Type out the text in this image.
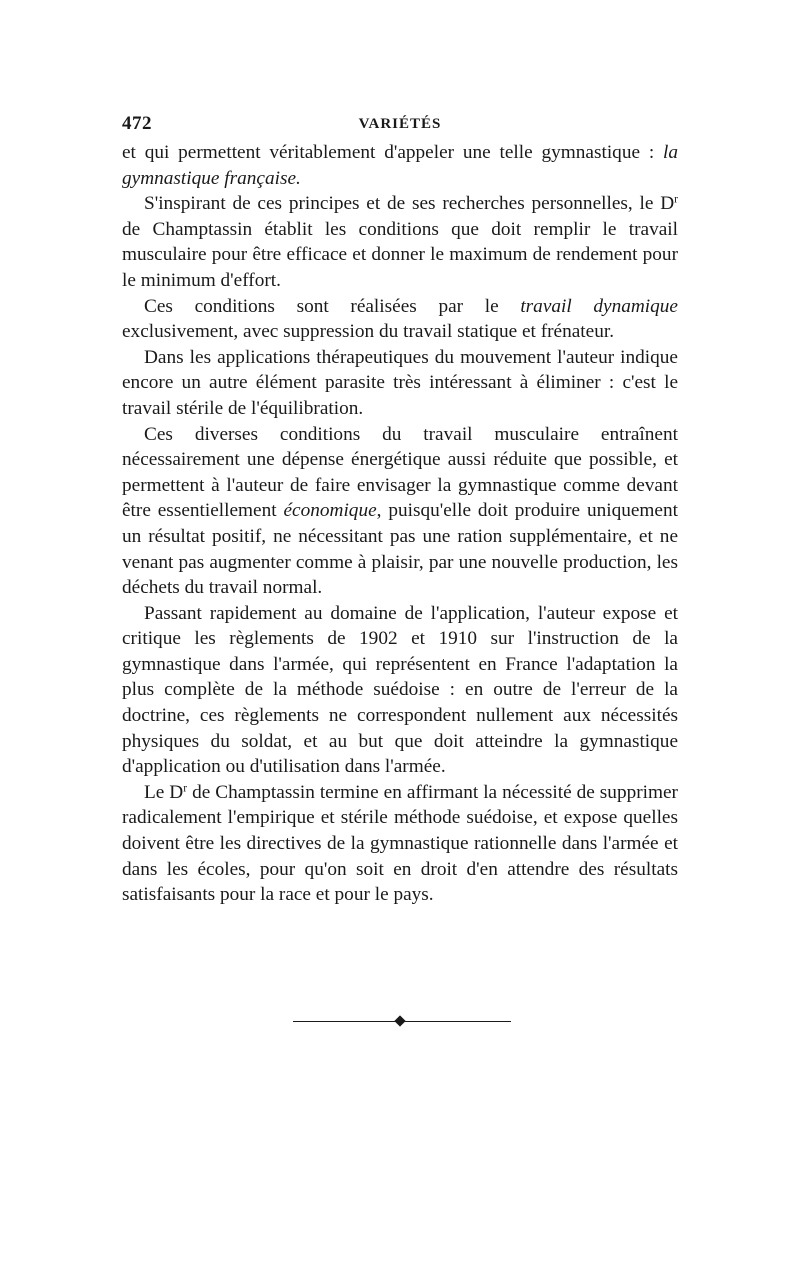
472	VARIÉTÉS

et qui permettent véritablement d'appeler une telle gymnastique : la gymnastique française.

S'inspirant de ces principes et de ses recherches personnelles, le $D^r$ de Champtassin établit les conditions que doit remplir le travail musculaire pour être efficace et donner le maximum de rendement pour le minimum d'effort.

Ces conditions sont réalisées par le travail dynamique exclusivement, avec suppression du travail statique et frénateur.

Dans les applications thérapeutiques du mouvement l'auteur indique encore un autre élément parasite très intéressant à éliminer : c'est le travail stérile de l'équilibration.

Ces diverses conditions du travail musculaire entraînent nécessairement une dépense énergétique aussi réduite que possible, et permettent à l'auteur de faire envisager la gymnastique comme devant être essentiellement économique, puisqu'elle doit produire uniquement un résultat positif, ne nécessitant pas une ration supplémentaire, et ne venant pas augmenter comme à plaisir, par une nouvelle production, les déchets du travail normal.

Passant rapidement au domaine de l'application, l'auteur expose et critique les règlements de 1902 et 1910 sur l'instruction de la gymnastique dans l'armée, qui représentent en France l'adaptation la plus complète de la méthode suédoise : en outre de l'erreur de la doctrine, ces règlements ne correspondent nullement aux nécessités physiques du soldat, et au but que doit atteindre la gymnastique d'application ou d'utilisation dans l'armée.

Le $D^r$ de Champtassin termine en affirmant la nécessité de supprimer radicalement l'empirique et stérile méthode suédoise, et expose quelles doivent être les directives de la gymnastique rationnelle dans l'armée et dans les écoles, pour qu'on soit en droit d'en attendre des résultats satisfaisants pour la race et pour le pays.
